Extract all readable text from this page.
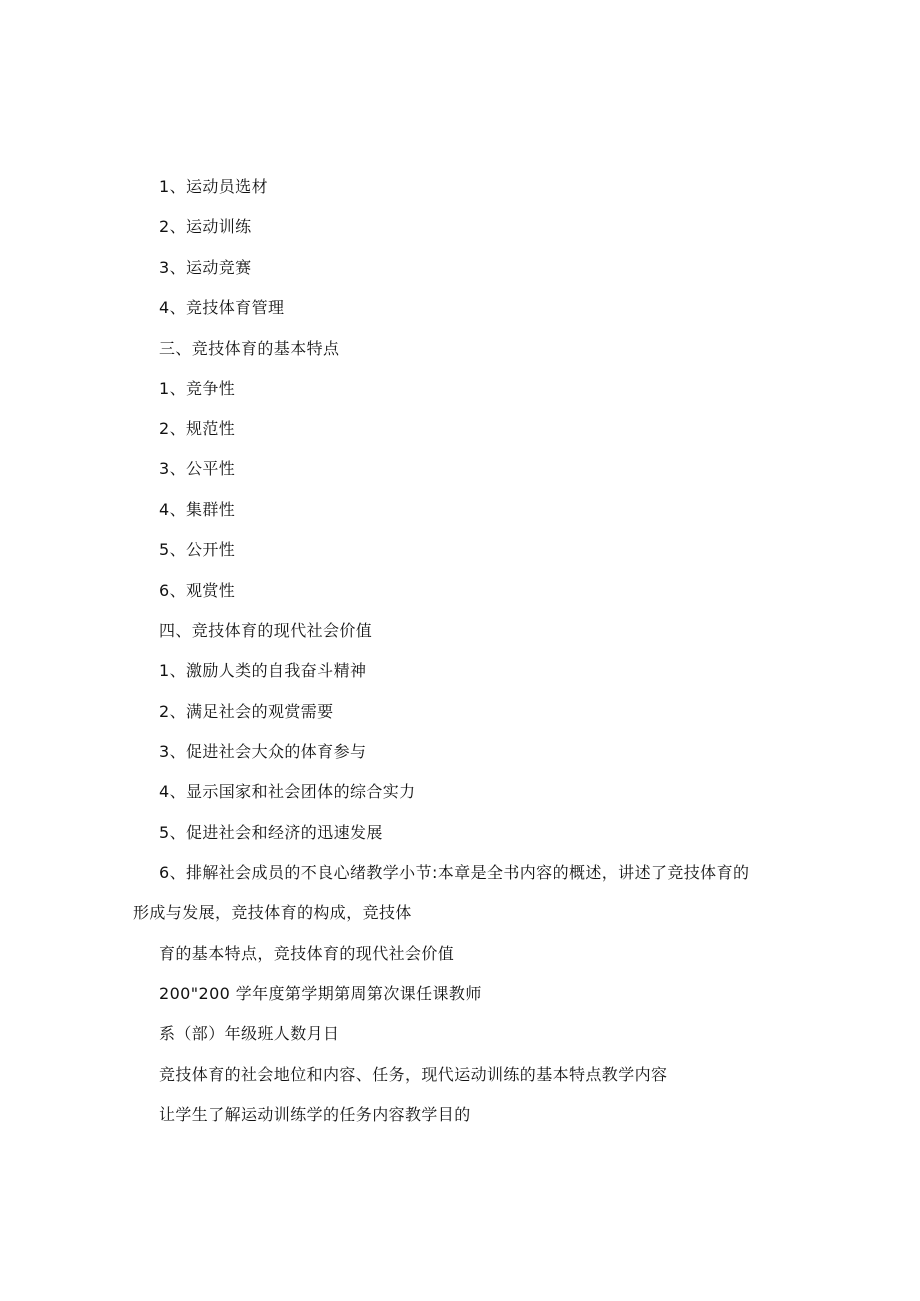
1、运动员选材
2、运动训练
3、运动竞赛
4、竞技体育管理
三、竞技体育的基本特点
1、竞争性
2、规范性
3、公平性
4、集群性
5、公开性
6、观赏性
四、竞技体育的现代社会价值
1、激励人类的自我奋斗精神
2、满足社会的观赏需要
3、促进社会大众的体育参与
4、显示国家和社会团体的综合实力
5、促进社会和经济的迅速发展
6、排解社会成员的不良心绪教学小节:本章是全书内容的概述，讲述了竞技体育的
形成与发展，竞技体育的构成，竞技体
育的基本特点，竞技体育的现代社会价值
200"200 学年度第学期第周第次课任课教师
系（部）年级班人数月日
竞技体育的社会地位和内容、任务，现代运动训练的基本特点教学内容
让学生了解运动训练学的任务内容教学目的
